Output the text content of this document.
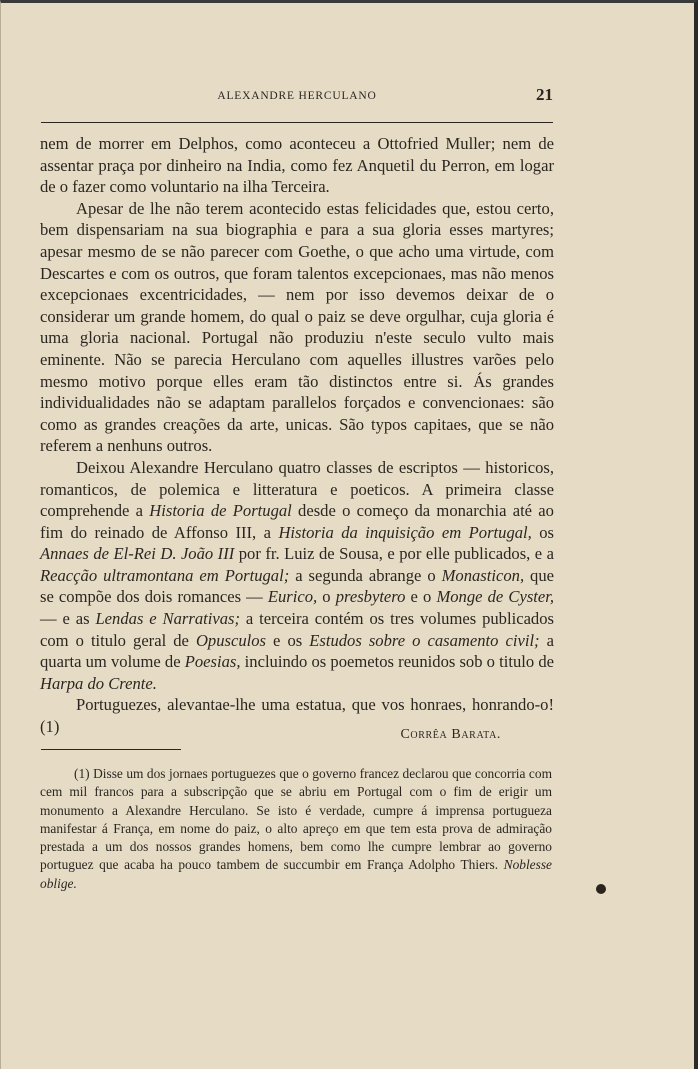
ALEXANDRE HERCULANO	21

nem de morrer em Delphos, como aconteceu a Ottofried Muller; nem de assentar praça por dinheiro na India, como fez Anquetil du Perron, em logar de o fazer como voluntario na ilha Terceira.

Apesar de lhe não terem acontecido estas felicidades que, estou certo, bem dispensariam na sua biographia e para a sua gloria esses martyres; apesar mesmo de se não parecer com Goethe, o que acho uma virtude, com Descartes e com os outros, que foram talentos excepcionaes, mas não menos excepcionaes excentricidades, — nem por isso devemos deixar de o considerar um grande homem, do qual o paiz se deve orgulhar, cuja gloria é uma gloria nacional. Portugal não produziu n'este seculo vulto mais eminente. Não se parecia Herculano com aquelles illustres varões pelo mesmo motivo porque elles eram tão distinctos entre si. Ás grandes individualidades não se adaptam parallelos forçados e convencionaes: são como as grandes creações da arte, unicas. São typos capitaes, que se não referem a nenhuns outros.

Deixou Alexandre Herculano quatro classes de escriptos — historicos, romanticos, de polemica e litteratura e poeticos. A primeira classe comprehende a Historia de Portugal desde o começo da monarchia até ao fim do reinado de Affonso III, a Historia da inquisição em Portugal, os Annaes de El-Rei D. João III por fr. Luiz de Sousa, e por elle publicados, e a Reacção ultramontana em Portugal; a segunda abrange o Monasticon, que se compõe dos dois romances — Eurico, o presbytero e o Monge de Cyster, — e as Lendas e Narrativas; a terceira contém os tres volumes publicados com o titulo geral de Opusculos e os Estudos sobre o casamento civil; a quarta um volume de Poesias, incluindo os poemetos reunidos sob o titulo de Harpa do Crente.

Portuguezes, alevantae-lhe uma estatua, que vos honraes, honrando-o! (1)	Corrêa Barata.

(1) Disse um dos jornaes portuguezes que o governo francez declarou que concorria com cem mil francos para a subscripção que se abriu em Portugal com o fim de erigir um monumento a Alexandre Herculano. Se isto é verdade, cumpre á imprensa portugueza manifestar á França, em nome do paiz, o alto apreço em que tem esta prova de admiração prestada a um dos nossos grandes homens, bem como lhe cumpre lembrar ao governo portuguez que acaba ha pouco tambem de succumbir em França Adolpho Thiers. Noblesse oblige.
